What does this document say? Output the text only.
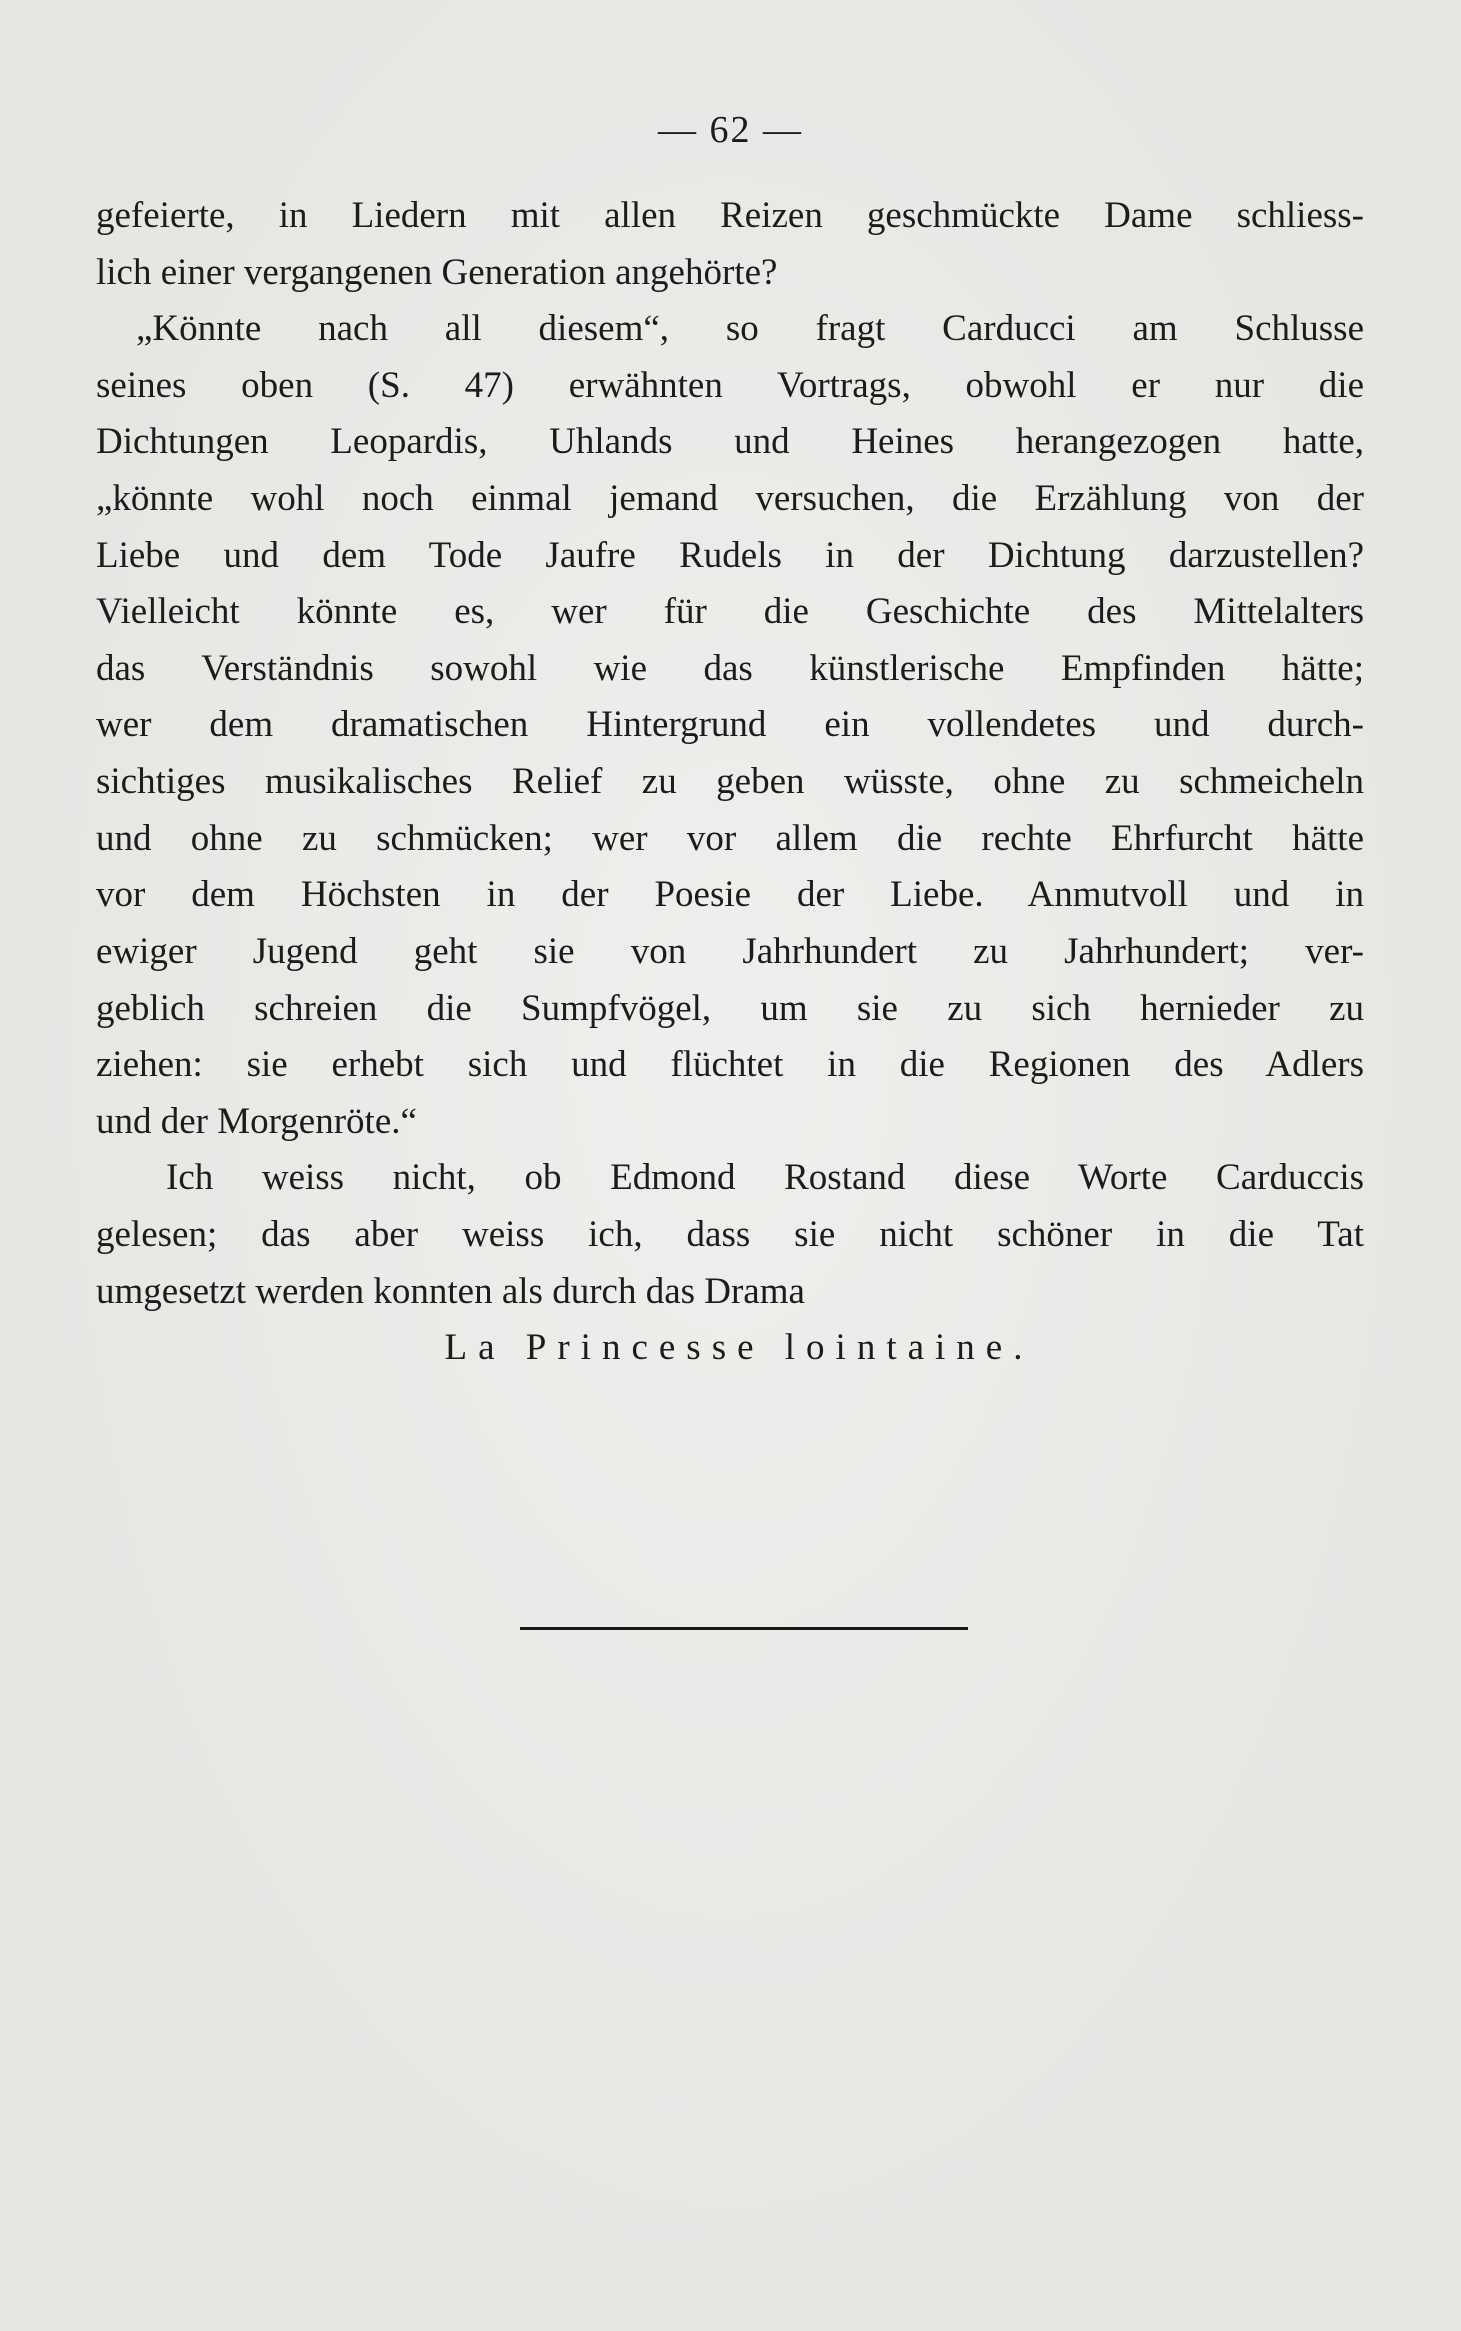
— 62 —
gefeierte, in Liedern mit allen Reizen geschmückte Dame schliess-
lich einer vergangenen Generation angehörte?
„Könnte nach all diesem“, so fragt Carducci am Schlusse
seines oben (S. 47) erwähnten Vortrags, obwohl er nur die
Dichtungen Leopardis, Uhlands und Heines herangezogen hatte,
„könnte wohl noch einmal jemand versuchen, die Erzählung von der
Liebe und dem Tode Jaufre Rudels in der Dichtung darzustellen?
Vielleicht könnte es, wer für die Geschichte des Mittelalters
das Verständnis sowohl wie das künstlerische Empfinden hätte;
wer dem dramatischen Hintergrund ein vollendetes und durch-
sichtiges musikalisches Relief zu geben wüsste, ohne zu schmeicheln
und ohne zu schmücken; wer vor allem die rechte Ehrfurcht hätte
vor dem Höchsten in der Poesie der Liebe. Anmutvoll und in
ewiger Jugend geht sie von Jahrhundert zu Jahrhundert; ver-
geblich schreien die Sumpfvögel, um sie zu sich hernieder zu
ziehen: sie erhebt sich und flüchtet in die Regionen des Adlers
und der Morgenröte.“
Ich weiss nicht, ob Edmond Rostand diese Worte Carduccis
gelesen; das aber weiss ich, dass sie nicht schöner in die Tat
umgesetzt werden konnten als durch das Drama
La Princesse lointaine.
